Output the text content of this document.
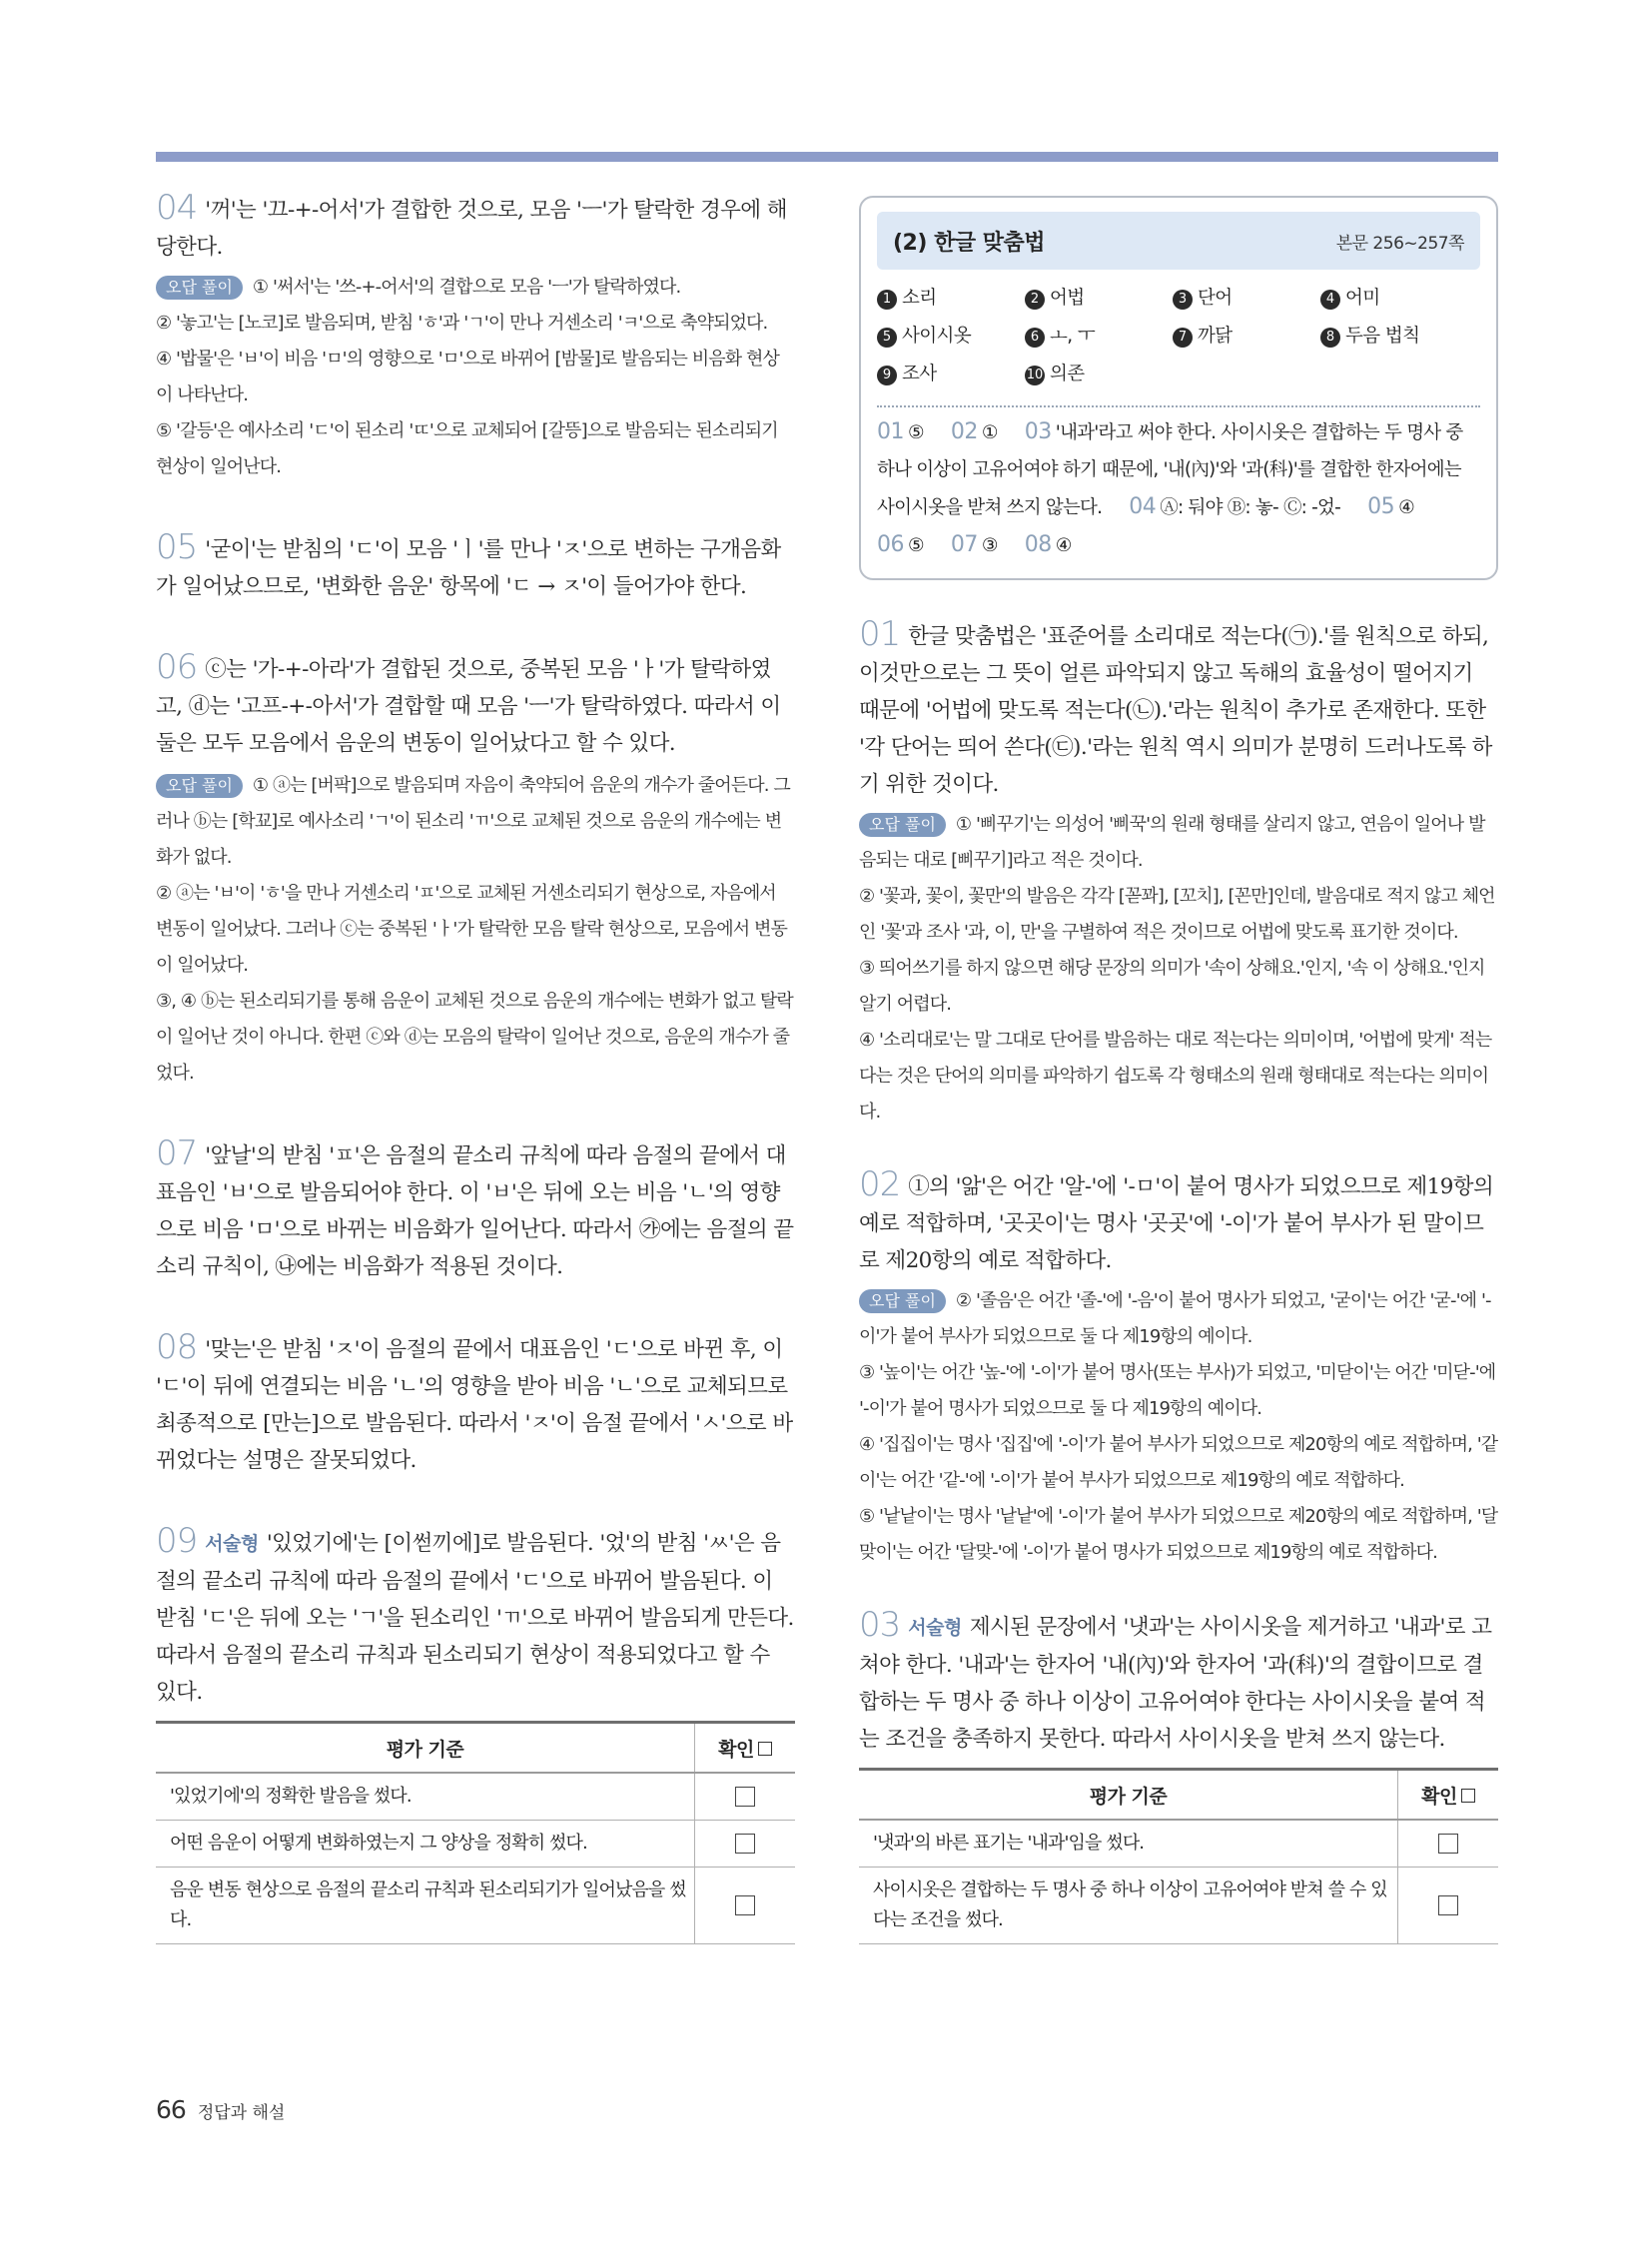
04 '꺼'는 '끄-+-어서'가 결합한 것으로, 모음 'ㅡ'가 탈락한 경우에 해당한다.

오답 풀이 ① '써서'는 '쓰-+-어서'의 결합으로 모음 'ㅡ'가 탈락하였다.
② '놓고'는 [노코]로 발음되며, 받침 'ㅎ'과 'ㄱ'이 만나 거센소리 'ㅋ'으로 축약되었다.
④ '밥물'은 'ㅂ'이 비음 'ㅁ'의 영향으로 'ㅁ'으로 바뀌어 [밤물]로 발음되는 비음화 현상이 나타난다.
⑤ '갈등'은 예사소리 'ㄷ'이 된소리 'ㄸ'으로 교체되어 [갈뜽]으로 발음되는 된소리되기 현상이 일어난다.

05 '굳이'는 받침의 'ㄷ'이 모음 'ㅣ'를 만나 'ㅈ'으로 변하는 구개음화가 일어났으므로, '변화한 음운' 항목에 'ㄷ → ㅈ'이 들어가야 한다.

06 ⓒ는 '가-+-아라'가 결합된 것으로, 중복된 모음 'ㅏ'가 탈락하였고, ⓓ는 '고프-+-아서'가 결합할 때 모음 'ㅡ'가 탈락하였다. 따라서 이 둘은 모두 모음에서 음운의 변동이 일어났다고 할 수 있다.

오답 풀이 ① ⓐ는 [버팍]으로 발음되며 자음이 축약되어 음운의 개수가 줄어든다. 그러나 ⓑ는 [학꾜]로 예사소리 'ㄱ'이 된소리 'ㄲ'으로 교체된 것으로 음운의 개수에는 변화가 없다.
② ⓐ는 'ㅂ'이 'ㅎ'을 만나 거센소리 'ㅍ'으로 교체된 거센소리되기 현상으로, 자음에서 변동이 일어났다. 그러나 ⓒ는 중복된 'ㅏ'가 탈락한 모음 탈락 현상으로, 모음에서 변동이 일어났다.
③, ④ ⓑ는 된소리되기를 통해 음운이 교체된 것으로 음운의 개수에는 변화가 없고 탈락이 일어난 것이 아니다. 한편 ⓒ와 ⓓ는 모음의 탈락이 일어난 것으로, 음운의 개수가 줄었다.

07 '앞날'의 받침 'ㅍ'은 음절의 끝소리 규칙에 따라 음절의 끝에서 대표음인 'ㅂ'으로 발음되어야 한다. 이 'ㅂ'은 뒤에 오는 비음 'ㄴ'의 영향으로 비음 'ㅁ'으로 바뀌는 비음화가 일어난다. 따라서 ㉮에는 음절의 끝소리 규칙이, ㉯에는 비음화가 적용된 것이다.

08 '맞는'은 받침 'ㅈ'이 음절의 끝에서 대표음인 'ㄷ'으로 바뀐 후, 이 'ㄷ'이 뒤에 연결되는 비음 'ㄴ'의 영향을 받아 비음 'ㄴ'으로 교체되므로 최종적으로 [만는]으로 발음된다. 따라서 'ㅈ'이 음절 끝에서 'ㅅ'으로 바뀌었다는 설명은 잘못되었다.

09 서술형 '있었기에'는 [이썯끼에]로 발음된다. '었'의 받침 'ㅆ'은 음절의 끝소리 규칙에 따라 음절의 끝에서 'ㄷ'으로 바뀌어 발음된다. 이 받침 'ㄷ'은 뒤에 오는 'ㄱ'을 된소리인 'ㄲ'으로 바뀌어 발음되게 만든다. 따라서 음절의 끝소리 규칙과 된소리되기 현상이 적용되었다고 할 수 있다.

평가 기준	확인
'있었기에'의 정확한 발음을 썼다.	
어떤 음운이 어떻게 변화하였는지 그 양상을 정확히 썼다.	
음운 변동 현상으로 음절의 끝소리 규칙과 된소리되기가 일어났음을 썼다.	
(2) 한글 맞춤법	본문 256~257쪽
1 소리	2 어법	3 단어	4 어미
5 사이시옷	6 ㅗ, ㅜ	7 까닭	8 두음 법칙
9 조사	10 의존
01 ⑤ 02 ① 03 '내과'라고 써야 한다. 사이시옷은 결합하는 두 명사 중 하나 이상이 고유어여야 하기 때문에, '내(內)'와 '과(科)'를 결합한 한자어에는 사이시옷을 받쳐 쓰지 않는다. 04 Ⓐ: 둬야 Ⓑ: 놓- Ⓒ: -었- 05 ④ 06 ⑤ 07 ③ 08 ④

01 한글 맞춤법은 '표준어를 소리대로 적는다(㉠).'를 원칙으로 하되, 이것만으로는 그 뜻이 얼른 파악되지 않고 독해의 효율성이 떨어지기 때문에 '어법에 맞도록 적는다(㉡).'라는 원칙이 추가로 존재한다. 또한 '각 단어는 띄어 쓴다(㉢).'라는 원칙 역시 의미가 분명히 드러나도록 하기 위한 것이다.

오답 풀이 ① '삐꾸기'는 의성어 '삐꾹'의 원래 형태를 살리지 않고, 연음이 일어나 발음되는 대로 [삐꾸기]라고 적은 것이다.
② '꽃과, 꽃이, 꽃만'의 발음은 각각 [꼳꽈], [꼬치], [꼰만]인데, 발음대로 적지 않고 체언인 '꽃'과 조사 '과, 이, 만'을 구별하여 적은 것이므로 어법에 맞도록 표기한 것이다.
③ 띄어쓰기를 하지 않으면 해당 문장의 의미가 '속이 상해요.'인지, '속 이 상해요.'인지 알기 어렵다.
④ '소리대로'는 말 그대로 단어를 발음하는 대로 적는다는 의미이며, '어법에 맞게' 적는다는 것은 단어의 의미를 파악하기 쉽도록 각 형태소의 원래 형태대로 적는다는 의미이다.

02 ①의 '앎'은 어간 '알-'에 '-ㅁ'이 붙어 명사가 되었으므로 제19항의 예로 적합하며, '곳곳이'는 명사 '곳곳'에 '-이'가 붙어 부사가 된 말이므로 제20항의 예로 적합하다.

오답 풀이 ② '졸음'은 어간 '졸-'에 '-음'이 붙어 명사가 되었고, '굳이'는 어간 '굳-'에 '-이'가 붙어 부사가 되었으므로 둘 다 제19항의 예이다.
③ '높이'는 어간 '높-'에 '-이'가 붙어 명사(또는 부사)가 되었고, '미닫이'는 어간 '미닫-'에 '-이'가 붙어 명사가 되었으므로 둘 다 제19항의 예이다.
④ '집집이'는 명사 '집집'에 '-이'가 붙어 부사가 되었으므로 제20항의 예로 적합하며, '같이'는 어간 '같-'에 '-이'가 붙어 부사가 되었으므로 제19항의 예로 적합하다.
⑤ '낱낱이'는 명사 '낱낱'에 '-이'가 붙어 부사가 되었으므로 제20항의 예로 적합하며, '달맞이'는 어간 '달맞-'에 '-이'가 붙어 명사가 되었으므로 제19항의 예로 적합하다.

03 서술형 제시된 문장에서 '냇과'는 사이시옷을 제거하고 '내과'로 고쳐야 한다. '내과'는 한자어 '내(內)'와 한자어 '과(科)'의 결합이므로 결합하는 두 명사 중 하나 이상이 고유어여야 한다는 사이시옷을 붙여 적는 조건을 충족하지 못한다. 따라서 사이시옷을 받쳐 쓰지 않는다.

평가 기준	확인
'냇과'의 바른 표기는 '내과'임을 썼다.	
사이시옷은 결합하는 두 명사 중 하나 이상이 고유어여야 받쳐 쓸 수 있다는 조건을 썼다.	
66 정답과 해설
